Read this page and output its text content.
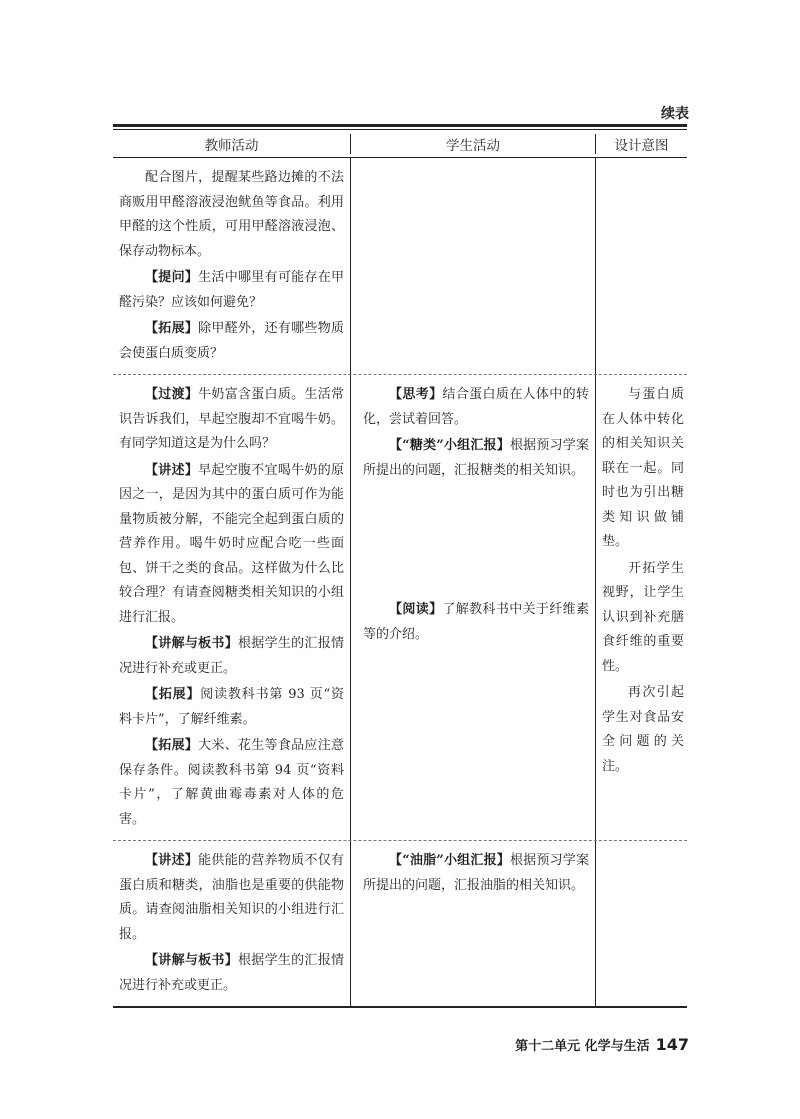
续表
教师活动	学生活动	设计意图

配合图片，提醒某些路边摊的不法商贩用甲醛溶液浸泡鱿鱼等食品。利用甲醛的这个性质，可用甲醛溶液浸泡、保存动物标本。

【提问】生活中哪里有可能存在甲醛污染？应该如何避免？

【拓展】除甲醛外，还有哪些物质会使蛋白质变质？

【过渡】牛奶富含蛋白质。生活常识告诉我们，早起空腹却不宜喝牛奶。有同学知道这是为什么吗？

【讲述】早起空腹不宜喝牛奶的原因之一，是因为其中的蛋白质可作为能量物质被分解，不能完全起到蛋白质的营养作用。喝牛奶时应配合吃一些面包、饼干之类的食品。这样做为什么比较合理？有请查阅糖类相关知识的小组进行汇报。

【讲解与板书】根据学生的汇报情况进行补充或更正。

【拓展】阅读教科书第 93 页“资料卡片”，了解纤维素。

【拓展】大米、花生等食品应注意保存条件。阅读教科书第 94 页“资料卡片”，了解黄曲霉毒素对人体的危害。

【思考】结合蛋白质在人体中的转化，尝试着回答。

【“糖类”小组汇报】根据预习学案所提出的问题，汇报糖类的相关知识。

【阅读】了解教科书中关于纤维素等的介绍。

与蛋白质在人体中转化的相关知识关联在一起。同时也为引出糖类知识做铺垫。

开拓学生视野，让学生认识到补充膳食纤维的重要性。

再次引起学生对食品安全问题的关注。

【讲述】能供能的营养物质不仅有蛋白质和糖类，油脂也是重要的供能物质。请查阅油脂相关知识的小组进行汇报。

【讲解与板书】根据学生的汇报情况进行补充或更正。

【“油脂”小组汇报】根据预习学案所提出的问题，汇报油脂的相关知识。

第十二单元 化学与生活 147
